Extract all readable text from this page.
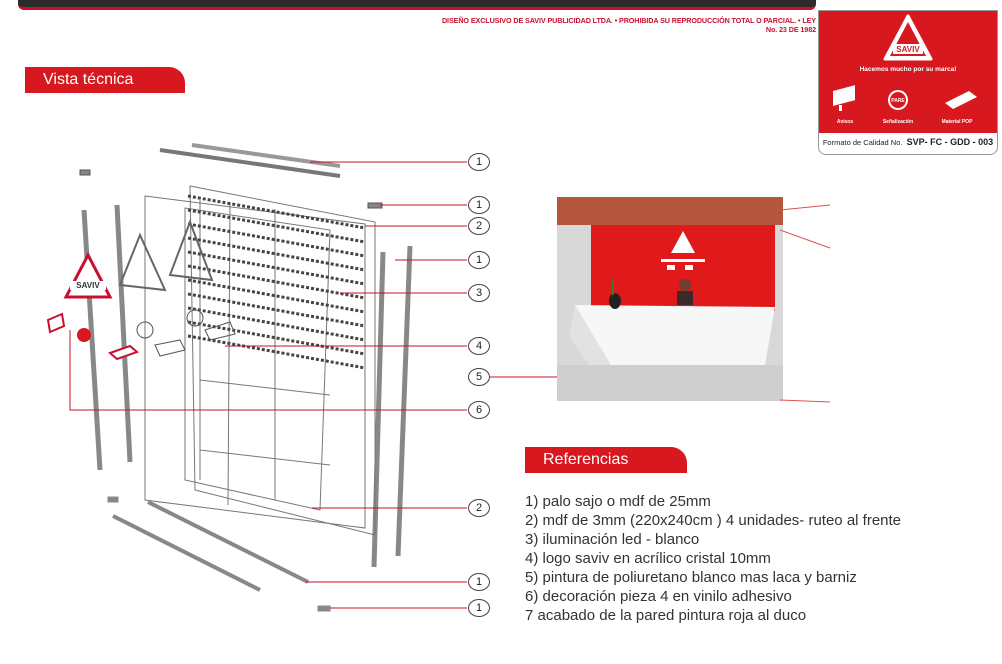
DISEÑO EXCLUSIVO DE SAVIV PUBLICIDAD LTDA. • PROHIBIDA SU REPRODUCCIÓN TOTAL O PARCIAL. • LEY No. 23 DE 1982
Vista técnica
SAVIV
PARE
Hacemos mucho por su marca!
Avisos	Señalización	Material POP
Formato de Calidad No. SVP- FC - GDD - 003
SAVIV
1
1
2
1
3
4
5
6
2
1
1
Referencias
1) palo sajo o mdf de 25mm
2) mdf de 3mm (220x240cm ) 4 unidades- ruteo al frente
3) iluminación led - blanco
4) logo saviv en acrílico cristal 10mm
5) pintura de poliuretano blanco mas laca y barniz
6) decoración pieza 4 en vinilo adhesivo
7 acabado de la pared pintura roja al duco
